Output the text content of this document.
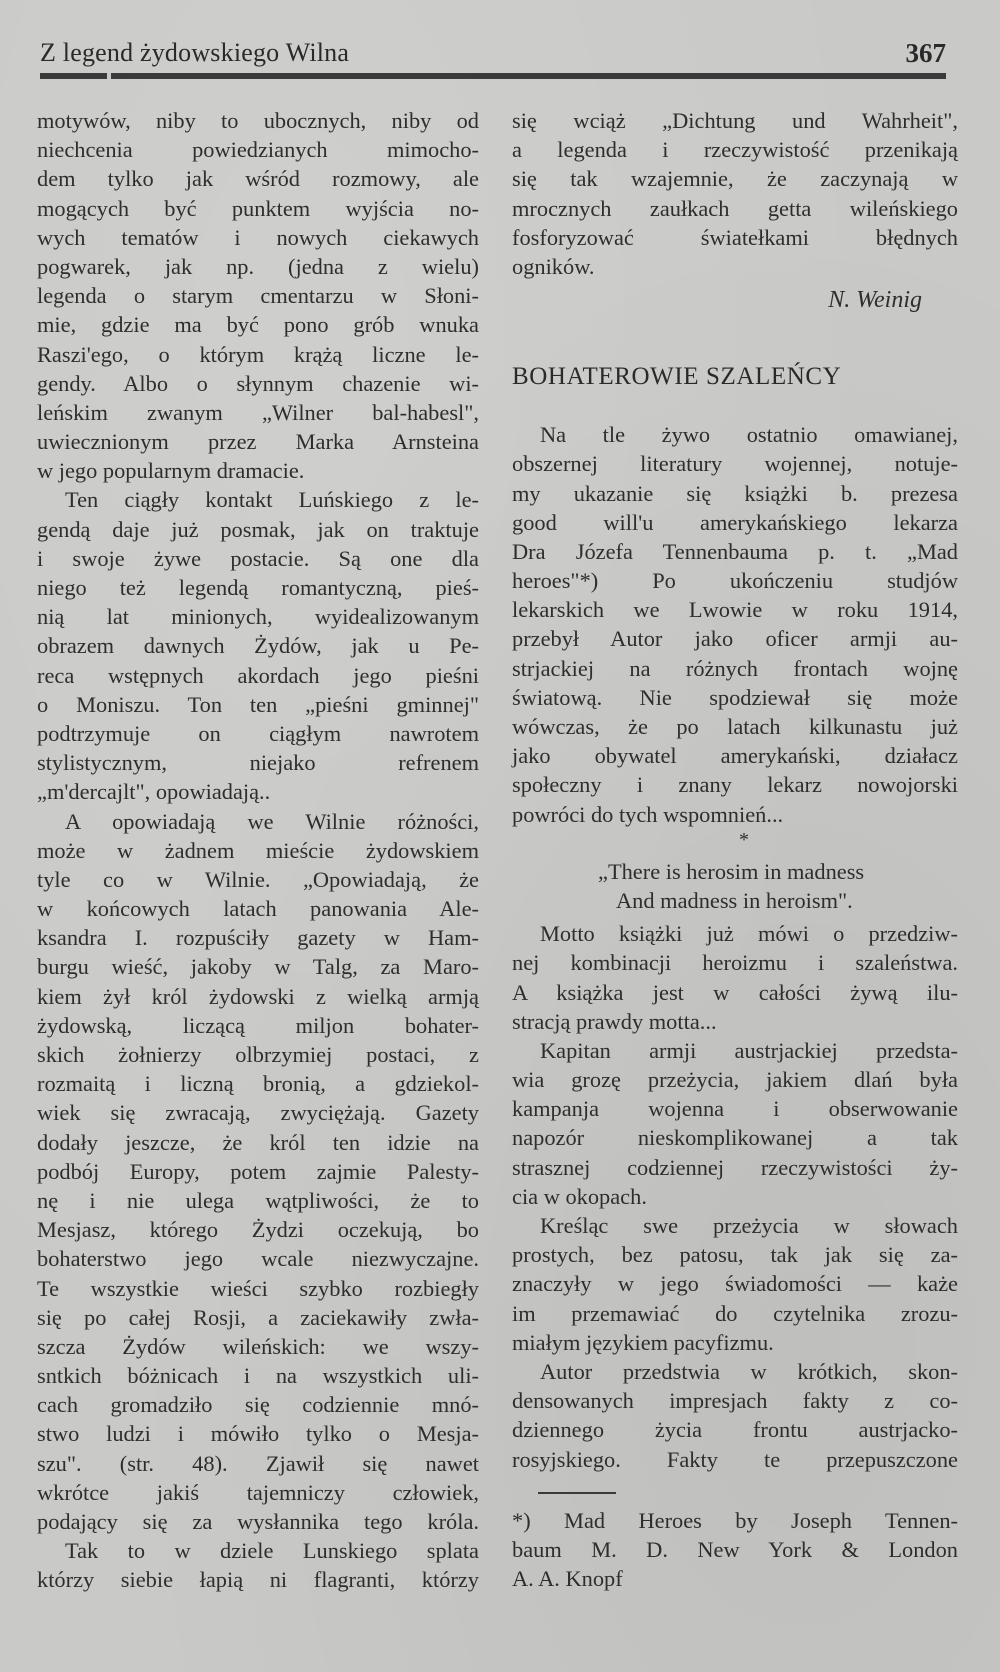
Z legend żydowskiego Wilna	367
motywów, niby to ubocznych, niby od
niechcenia powiedzianych mimocho-
dem tylko jak wśród rozmowy, ale
mogących być punktem wyjścia no-
wych tematów i nowych ciekawych
pogwarek, jak np. (jedna z wielu)
legenda o starym cmentarzu w Słoni-
mie, gdzie ma być pono grób wnuka
Raszi'ego, o którym krążą liczne le-
gendy. Albo o słynnym chazenie wi-
leńskim zwanym „Wilner bal-habesl",
uwiecznionym przez Marka Arnsteina
w jego popularnym dramacie.
Ten ciągły kontakt Luńskiego z le-
gendą daje już posmak, jak on traktuje
i swoje żywe postacie. Są one dla
niego też legendą romantyczną, pieś-
nią lat minionych, wyidealizowanym
obrazem dawnych Żydów, jak u Pe-
reca wstępnych akordach jego pieśni
o Moniszu. Ton ten „pieśni gminnej"
podtrzymuje on ciągłym nawrotem
stylistycznym, niejako refrenem
„m'dercajlt", opowiadają..
A opowiadają we Wilnie różności,
może w żadnem mieście żydowskiem
tyle co w Wilnie. „Opowiadają, że
w końcowych latach panowania Ale-
ksandra I. rozpuściły gazety w Ham-
burgu wieść, jakoby w Talg, za Maro-
kiem żył król żydowski z wielką armją
żydowską, liczącą miljon bohater-
skich żołnierzy olbrzymiej postaci, z
rozmaitą i liczną bronią, a gdziekol-
wiek się zwracają, zwyciężają. Gazety
dodały jeszcze, że król ten idzie na
podbój Europy, potem zajmie Palesty-
nę i nie ulega wątpliwości, że to
Mesjasz, którego Żydzi oczekują, bo
bohaterstwo jego wcale niezwyczajne.
Te wszystkie wieści szybko rozbiegły
się po całej Rosji, a zaciekawiły zwła-
szcza Żydów wileńskich: we wszy-
sntkich bóżnicach i na wszystkich uli-
cach gromadziło się codziennie mnó-
stwo ludzi i mówiło tylko o Mesja-
szu". (str. 48). Zjawił się nawet
wkrótce jakiś tajemniczy człowiek,
podający się za wysłannika tego króla.
Tak to w dziele Lunskiego splata
którzy siebie łapią ni flagranti, którzy
się wciąż „Dichtung und Wahrheit",
a legenda i rzeczywistość przenikają
się tak wzajemnie, że zaczynają w
mrocznych zaułkach getta wileńskiego
fosforyzować światełkami błędnych
ogników.
N. Weinig
BOHATEROWIE SZALEŃCY
Na tle żywo ostatnio omawianej,
obszernej literatury wojennej, notuje-
my ukazanie się książki b. prezesa
good will'u amerykańskiego lekarza
Dra Józefa Tennenbauma p. t. „Mad
heroes"*) Po ukończeniu studjów
lekarskich we Lwowie w roku 1914,
przebył Autor jako oficer armji au-
strjackiej na różnych frontach wojnę
światową. Nie spodziewał się może
wówczas, że po latach kilkunastu już
jako obywatel amerykański, działacz
społeczny i znany lekarz nowojorski
powróci do tych wspomnień...
*
„There is herosim in madness
And madness in heroism".
Motto książki już mówi o przedziw-
nej kombinacji heroizmu i szaleństwa.
A książka jest w całości żywą ilu-
stracją prawdy motta...
Kapitan armji austrjackiej przedsta-
wia grozę przeżycia, jakiem dlań była
kampanja wojenna i obserwowanie
napozór nieskomplikowanej a tak
strasznej codziennej rzeczywistości ży-
cia w okopach.
Kreśląc swe przeżycia w słowach
prostych, bez patosu, tak jak się za-
znaczyły w jego świadomości — każe
im przemawiać do czytelnika zrozu-
miałym językiem pacyfizmu.
Autor przedstwia w krótkich, skon-
densowanych impresjach fakty z co-
dziennego życia frontu austrjacko-
rosyjskiego. Fakty te przepuszczone
*) Mad Heroes by Joseph Tennen-
baum M. D. New York & London
A. A. Knopf
